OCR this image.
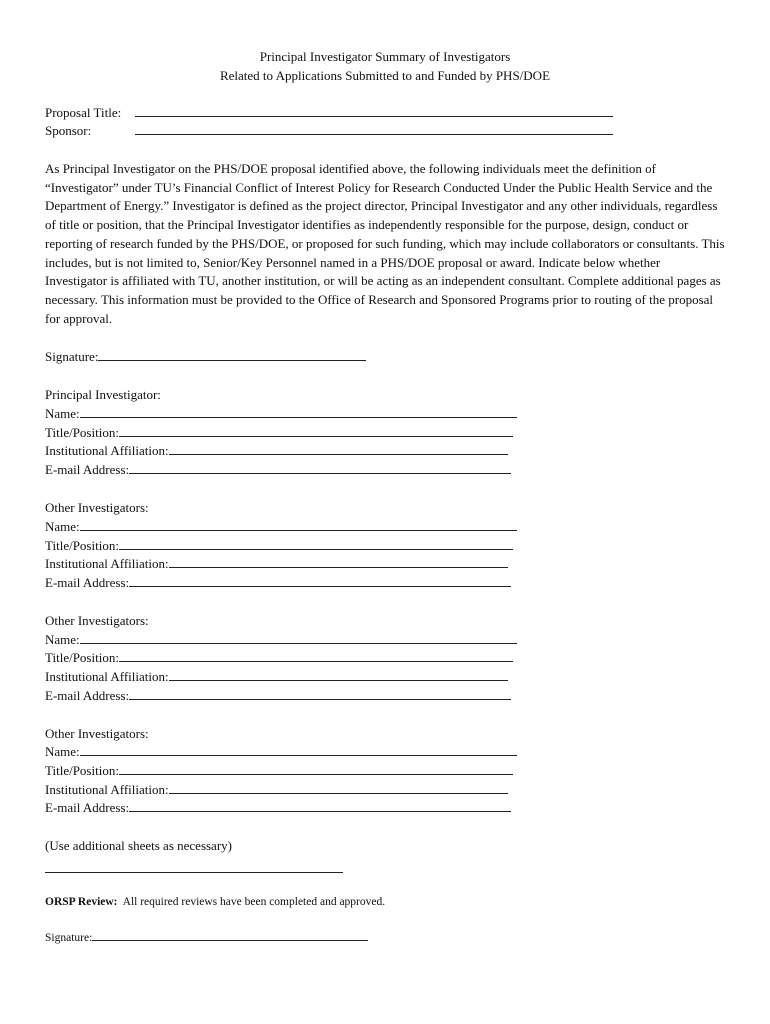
Principal Investigator Summary of Investigators
Related to Applications Submitted to and Funded by PHS/DOE
Proposal Title:
Sponsor:

As Principal Investigator on the PHS/DOE proposal identified above, the following individuals meet the definition of “Investigator” under TU’s Financial Conflict of Interest Policy for Research Conducted Under the Public Health Service and the Department of Energy.” Investigator is defined as the project director, Principal Investigator and any other individuals, regardless of title or position, that the Principal Investigator identifies as independently responsible for the purpose, design, conduct or reporting of research funded by the PHS/DOE, or proposed for such funding, which may include collaborators or consultants. This includes, but is not limited to, Senior/Key Personnel named in a PHS/DOE proposal or award. Indicate below whether Investigator is affiliated with TU, another institution, or will be acting as an independent consultant. Complete additional pages as necessary. This information must be provided to the Office of Research and Sponsored Programs prior to routing of the proposal for approval.

Signature:
Principal Investigator:
Name:
Title/Position:
Institutional Affiliation:
E-mail Address:
Other Investigators:
Name:
Title/Position:
Institutional Affiliation:
E-mail Address:
Other Investigators:
Name:
Title/Position:
Institutional Affiliation:
E-mail Address:
Other Investigators:
Name:
Title/Position:
Institutional Affiliation:
E-mail Address:
(Use additional sheets as necessary)
ORSP Review: All required reviews have been completed and approved.
Signature:
